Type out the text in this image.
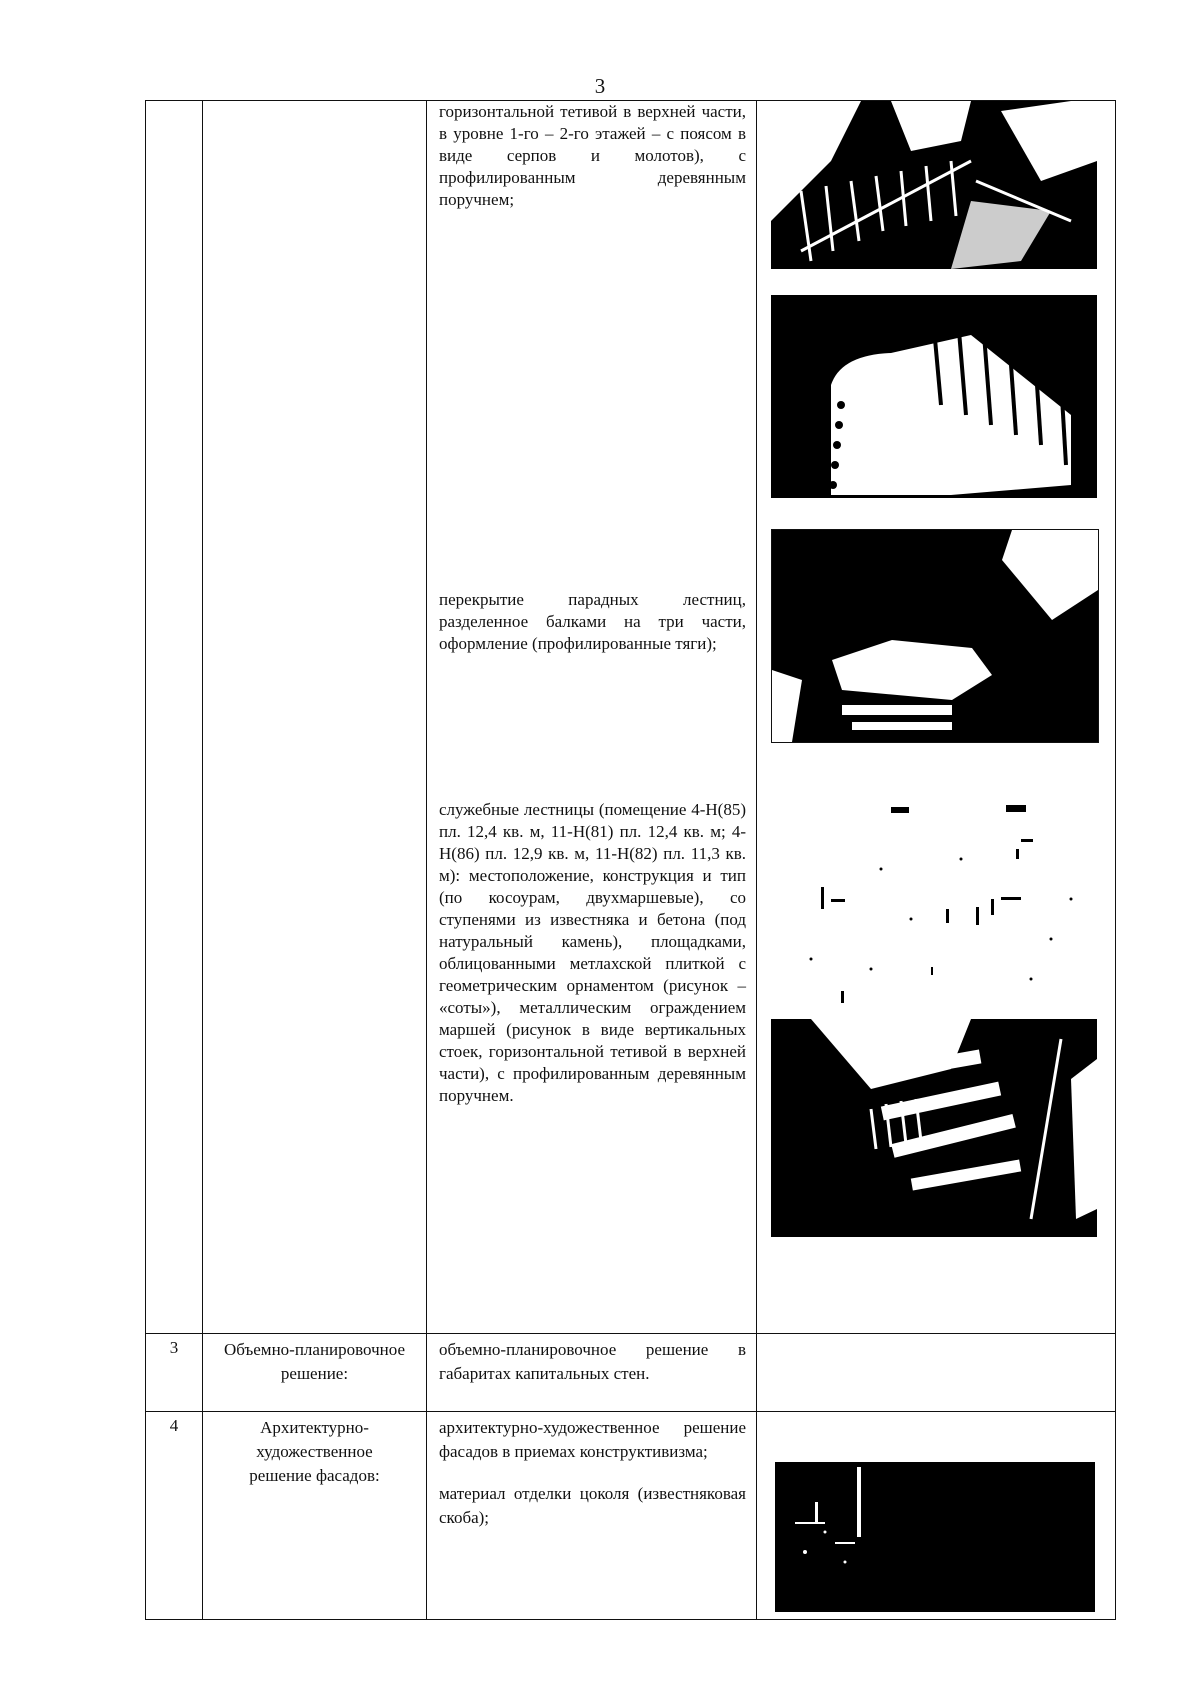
3

		горизонтальной тетивой в верхней части, в уровне 1-го – 2-го этажей – с поясом в виде серпов и молотов), с профилированным деревянным поручнем;
перекрытие парадных лестниц, разделенное балками на три части, оформление (профилированные тяги);
служебные лестницы (помещение 4-Н(85) пл. 12,4 кв. м, 11-Н(81) пл. 12,4 кв. м; 4-Н(86) пл. 12,9 кв. м, 11-Н(82) пл. 11,3 кв. м): местоположение, конструкция и тип (по косоурам, двухмаршевые), со ступенями из известняка и бетона (под натуральный камень), площадками, облицованными метлахской плиткой с геометрическим орнаментом (рисунок – «соты»), металлическим ограждением маршей (рисунок в виде вертикальных стоек, горизонтальной тетивой в верхней части), с профилированным деревянным поручнем.

3	Объемно-планировочное решение:	объемно-планировочное решение в габаритах капитальных стен.	

4	Архитектурно-художественное решение фасадов:	архитектурно-художественное решение фасадов в приемах конструктивизма;
материал отделки цоколя (известняковая скоба);
